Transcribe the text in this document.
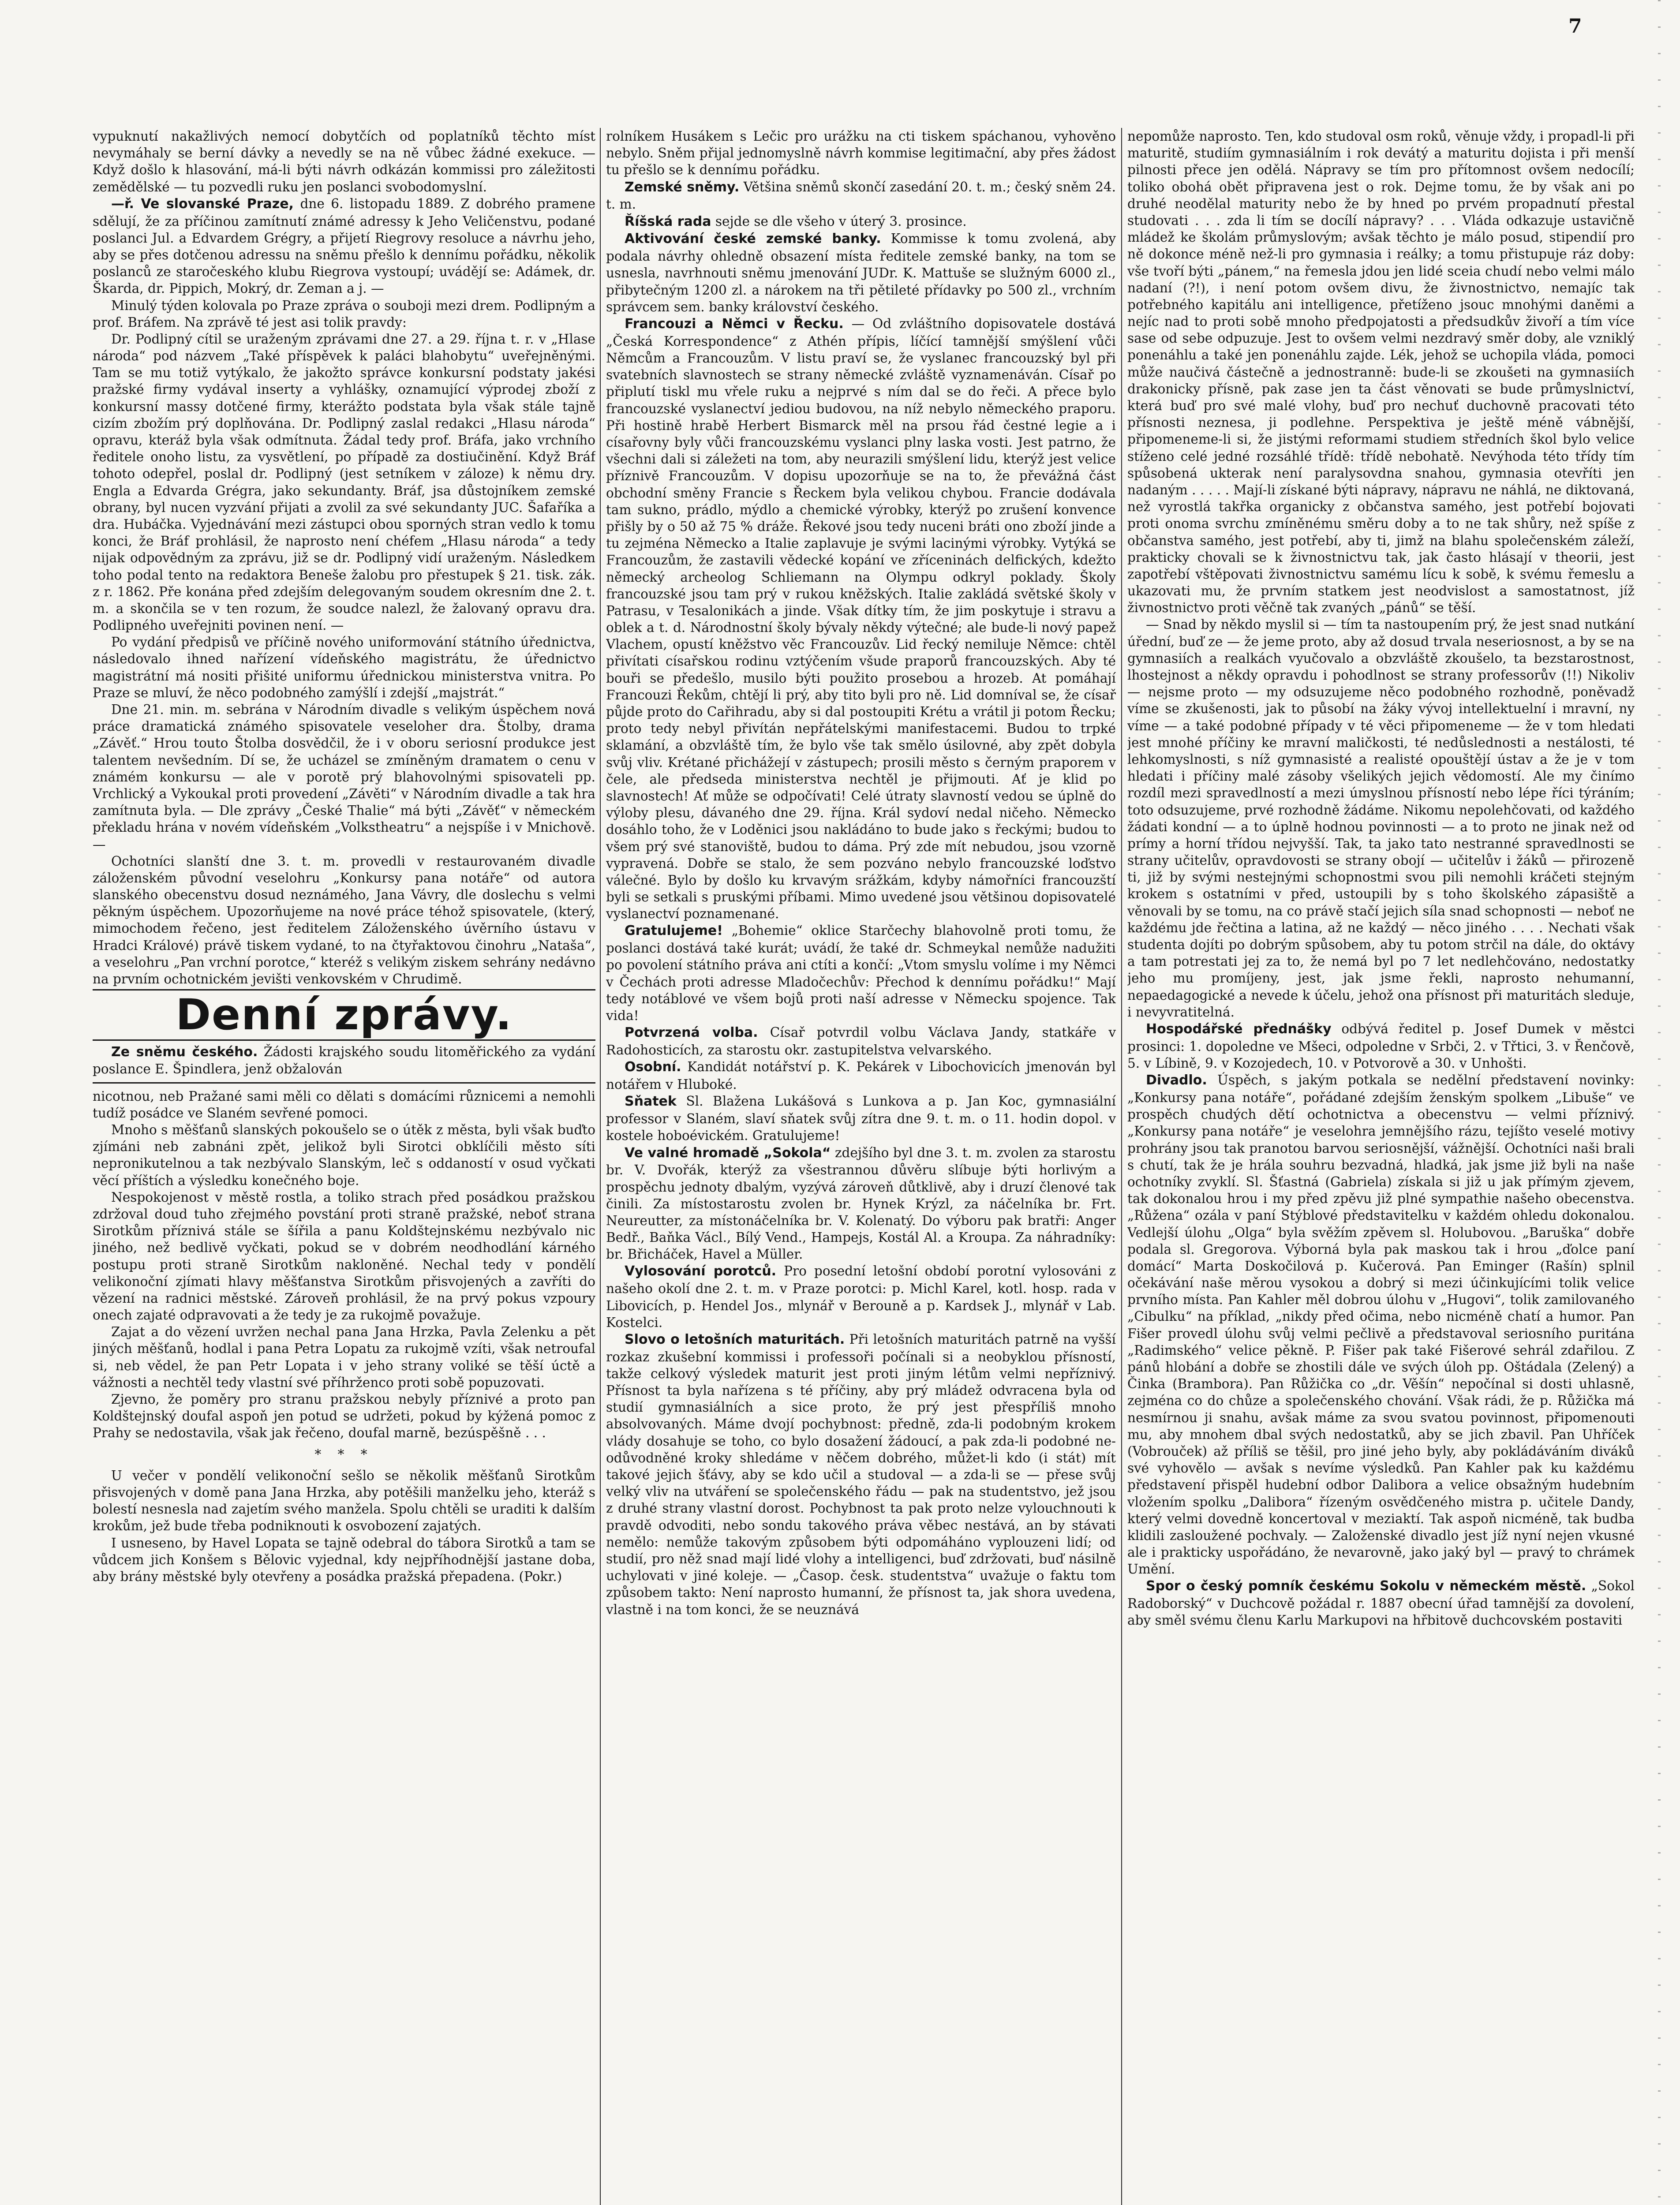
7

vypuknutí nakažlivých nemocí dobytčích od poplatníků těchto míst nevymáhaly se berní dávky a nevedly se na ně vůbec žádné exekuce. — Když došlo k hlasování, má-li býti návrh odkázán kommissi pro záležitosti zemědělské — tu pozvedli ruku jen poslanci svobodomyslní.

—ř. Ve slovanské Praze, dne 6. listopadu 1889. Z dobrého pramene sdělují, že za příčinou zamítnutí známé adressy k Jeho Veličenstvu, podané poslanci Jul. a Edvardem Grégry, a přijetí Riegrovy resoluce a návrhu jeho, aby se přes dotčenou adressu na sněmu přešlo k dennímu pořádku, několik poslanců ze staročeského klubu Riegrova vystoupí; uvádějí se: Adámek, dr. Škarda, dr. Pippich, Mokrý, dr. Zeman a j. —

Minulý týden kolovala po Praze zpráva o souboji mezi drem. Podlipným a prof. Bráfem. Na zprávě té jest asi tolik pravdy:

Dr. Podlipný cítil se uraženým zprávami dne 27. a 29. října t. r. v „Hlase národa“ pod názvem „Také příspěvek k paláci blahobytu“ uveřejněnými. Tam se mu totiž vytýkalo, že jakožto správce konkursní podstaty jakési pražské firmy vydával inserty a vyhlášky, oznamující výprodej zboží z konkursní massy dotčené firmy, kterážto podstata byla však stále tajně cizím zbožím prý doplňována. Dr. Podlipný zaslal redakci „Hlasu národa“ opravu, kteráž byla však odmítnuta. Žádal tedy prof. Bráfa, jako vrchního ředitele onoho listu, za vysvětlení, po případě za dostiučinění. Když Bráf tohoto odepřel, poslal dr. Podlipný (jest setníkem v záloze) k němu dry. Engla a Edvarda Grégra, jako sekundanty. Bráf, jsa důstojníkem zemské obrany, byl nucen vyzvání přijati a zvolil za své sekundanty JUC. Šafaříka a dra. Hubáčka. Vyjednávání mezi zástupci obou sporných stran vedlo k tomu konci, že Bráf prohlásil, že naprosto není chéfem „Hlasu národa“ a tedy nijak odpovědným za zprávu, již se dr. Podlipný vidí uraženým. Následkem toho podal tento na redaktora Beneše žalobu pro přestupek § 21. tisk. zák. z r. 1862. Pře konána před zdejším delegovaným soudem okresním dne 2. t. m. a skončila se v ten rozum, že soudce nalezl, že žalovaný opravu dra. Podlipného uveřejniti povinen není. —

Po vydání předpisů ve příčině nového uniformování státního úřednictva, následovalo ihned nařízení vídeňského magistrátu, že úřednictvo magistrátní má nositi přišité uniformu úřednickou ministerstva vnitra. Po Praze se mluví, že něco podobného zamýšlí i zdejší „majstrát.“

Dne 21. min. m. sebrána v Národním divadle s velikým úspěchem nová práce dramatická známého spisovatele veseloher dra. Štolby, drama „Závěť.“ Hrou touto Štolba dosvědčil, že i v oboru seriosní produkce jest talentem nevšedním. Dí se, že ucházel se zmíněným dramatem o cenu v známém konkursu — ale v porotě prý blahovolnými spisovateli pp. Vrchlický a Vykoukal proti provedení „Závěti“ v Národním divadle a tak hra zamítnuta byla. — Dle zprávy „České Thalie“ má býti „Závěť“ v německém překladu hrána v novém vídeňském „Volkstheatru“ a nejspíše i v Mnichově. —

Ochotníci slanští dne 3. t. m. provedli v restaurovaném divadle záloženském původní veselohru „Konkursy pana notáře“ od autora slanského obecenstvu dosud neznámého, Jana Vávry, dle doslechu s velmi pěkným úspěchem. Upozorňujeme na nové práce téhož spisovatele, (který, mimochodem řečeno, jest ředitelem Záloženského úvěrního ústavu v Hradci Králové) právě tiskem vydané, to na čtyřaktovou činohru „Nataša“, a veselohru „Pan vrchní porotce,“ kteréž s velikým ziskem sehrány nedávno na prvním ochotnickém jevišti venkovském v Chrudimě.

Denní zprávy.

Ze sněmu českého. Žádosti krajského soudu litoměřického za vydání poslance E. Špindlera, jenž obžalován

nicotnou, neb Pražané sami měli co dělati s domácími různicemi a nemohli tudíž posádce ve Slaném sevřené pomoci.

Mnoho s měšťanů slanských pokoušelo se o útěk z města, byli však buďto zjímáni neb zabnáni zpět, jelikož byli Sirotci obklíčili město síti nepronikutelnou a tak nezbývalo Slanským, leč s oddaností v osud vyčkati věcí příštích a výsledku konečného boje.

Nespokojenost v městě rostla, a toliko strach před posádkou pražskou zdržoval doud tuho zřejmého povstání proti straně pražské, neboť strana Sirotkům příznivá stále se šířila a panu Koldštejnskému nezbývalo nic jiného, než bedlivě vyčkati, pokud se v dobrém neodhodlání kárného postupu proti straně Sirotkům nakloněné. Nechal tedy v pondělí velikonoční zjímati hlavy měšťanstva Sirotkům přisvojených a zavříti do vězení na radnici městské. Zároveň prohlásil, že na prvý pokus vzpoury onech zajaté odpravovati a že tedy je za rukojmě považuje.

Zajat a do vězení uvržen nechal pana Jana Hrzka, Pavla Zelenku a pět jiných měšťanů, hodlal i pana Petra Lopatu za rukojmě vzíti, však netroufal si, neb vědel, že pan Petr Lopata i v jeho strany voliké se těší úctě a vážnosti a nechtěl tedy vlastní své příhrženco proti sobě popuzovati.

Zjevno, že poměry pro stranu pražskou nebyly příznivé a proto pan Koldštejnský doufal aspoň jen potud se udržeti, pokud by kýžená pomoc z Prahy se nedostavila, však jak řečeno, doufal marně, bezúspěšně . . .

* * *

U večer v pondělí velikonoční sešlo se několik měšťanů Sirotkům přisvojených v domě pana Jana Hrzka, aby potěšili manželku jeho, kteráž s bolestí nesnesla nad zajetím svého manžela. Spolu chtěli se uraditi k dalším krokům, jež bude třeba podniknouti k osvobození zajatých.

I usneseno, by Havel Lopata se tajně odebral do tábora Sirotků a tam se vůdcem jich Konšem s Bělovic vyjednal, kdy nejpříhodnější jastane doba, aby brány městské byly otevřeny a posádka pražská přepadena. (Pokr.)

rolníkem Husákem s Lečic pro urážku na cti tiskem spáchanou, vyhověno nebylo. Sněm přijal jednomyslně návrh kommise legitimační, aby přes žádost tu přešlo se k dennímu pořádku.

Zemské sněmy. Většina sněmů skončí zasedání 20. t. m.; český sněm 24. t. m.

Říšská rada sejde se dle všeho v úterý 3. prosince.

Aktivování české zemské banky. Kommisse k tomu zvolená, aby podala návrhy ohledně obsazení místa ředitele zemské banky, na tom se usnesla, navrhnouti sněmu jmenování JUDr. K. Mattuše se služným 6000 zl., přibytečným 1200 zl. a nárokem na tři pětileté přídavky po 500 zl., vrchním správcem sem. banky království českého.

Francouzi a Němci v Řecku. — Od zvláštního dopisovatele dostává „Česká Korrespondence“ z Athén přípis, líčící tamnější smýšlení vůči Němcům a Francouzům. V listu praví se, že vyslanec francouzský byl při svatebních slavnostech se strany německé zvláště vyznamenáván. Císař po připlutí tiskl mu vřele ruku a nejprvé s ním dal se do řeči. A přece bylo francouzské vyslanectví jediou budovou, na níž nebylo německého praporu. Při hostině hrabě Herbert Bismarck měl na prsou řád čestné legie a i císařovny byly vůči francouzskému vyslanci plny laska vosti. Jest patrno, že všechni dali si záležeti na tom, aby neurazili smýšlení lidu, kterýž jest velice příznivě Francouzům. V dopisu upozorňuje se na to, že převážná část obchodní směny Francie s Řeckem byla velikou chybou. Francie dodávala tam sukno, prádlo, mýdlo a chemické výrobky, kterýž po zrušení konvence přišly by o 50 až 75 % dráže. Řekové jsou tedy nuceni bráti ono zboží jinde a tu zejména Německo a Italie zaplavuje je svými lacinými výrobky. Vytýká se Francouzům, že zastavili vědecké kopání ve zříceninách delfických, kdežto německý archeolog Schliemann na Olympu odkryl poklady. Školy francouzské jsou tam prý v rukou kněžských. Italie zakládá světské školy v Patrasu, v Tesalonikách a jinde. Však dítky tím, že jim poskytuje i stravu a oblek a t. d. Národnostní školy bývaly někdy výtečné; ale bude-li nový papež Vlachem, opustí kněžstvo věc Francouzův. Lid řecký nemiluje Němce: chtěl přivítati císařskou rodinu vztýčením všude praporů francouzských. Aby té bouři se předešlo, musilo býti použito prosebou a hrozeb. At pomáhají Francouzi Řekům, chtějí li prý, aby tito byli pro ně. Lid domníval se, že císař půjde proto do Cařihradu, aby si dal postoupiti Krétu a vrátil ji potom Řecku; proto tedy nebyl přivítán nepřátelskými manifestacemi. Budou to trpké sklamání, a obzvláště tím, že bylo vše tak smělo úsilovné, aby zpět dobyla svůj vliv. Krétané přichážejí v zástupech; prosili město s černým praporem v čele, ale předseda ministerstva nechtěl je přijmouti. Ať je klid po slavnostech! Ať může se odpočívati! Celé útraty slavností vedou se úplně do výloby plesu, dávaného dne 29. října. Král sydoví nedal ničeho. Německo dosáhlo toho, že v Loděnici jsou nakládáno to bude jako s řeckými; budou to všem prý své stanoviště, budou to dáma. Prý zde mít nebudou, jsou vzorně vypravená. Dobře se stalo, že sem pozváno nebylo francouzské loďstvo válečné. Bylo by došlo ku krvavým srážkám, kdyby námořníci francouzští byli se setkali s pruskými příbami. Mimo uvedené jsou většinou dopisovatelé vyslanectví poznamenané.

Gratulujeme! „Bohemie“ oklice Starčechy blahovolně proti tomu, že poslanci dostává také kurát; uvádí, že také dr. Schmeykal nemůže nadužiti po povolení státního práva ani ctíti a končí: „Vtom smyslu volíme i my Němci v Čechách proti adresse Mladočechův: Přechod k dennímu pořádku!“ Mají tedy notáblové ve všem bojů proti naší adresse v Německu spojence. Tak vida!

Potvrzená volba. Císař potvrdil volbu Václava Jandy, statkáře v Radohosticích, za starostu okr. zastupitelstva velvarského.

Osobní. Kandidát notářství p. K. Pekárek v Libochovicích jmenován byl notářem v Hluboké.

Sňatek Sl. Blažena Lukášová s Lunkova a p. Jan Koc, gymnasiální professor v Slaném, slaví sňatek svůj zítra dne 9. t. m. o 11. hodin dopol. v kostele hoboévickém. Gratulujeme!

Ve valné hromadě „Sokola“ zdejšího byl dne 3. t. m. zvolen za starostu br. V. Dvořák, kterýž za všestrannou důvěru slíbuje býti horlivým a prospěchu jednoty dbalým, vyzývá zároveň důtklivě, aby i druzí členové tak činili. Za místostarostu zvolen br. Hynek Krýzl, za náčelníka br. Frt. Neureutter, za místonáčelníka br. V. Kolenatý. Do výboru pak bratři: Anger Bedř., Baňka Václ., Bílý Vend., Hampejs, Kostál Al. a Kroupa. Za náhradníky: br. Břicháček, Havel a Müller.

Vylosování porotců. Pro posední letošní období porotní vylosováni z našeho okolí dne 2. t. m. v Praze porotci: p. Michl Karel, kotl. hosp. rada v Libovicích, p. Hendel Jos., mlynář v Berouně a p. Kardsek J., mlynář v Lab. Kostelci.

Slovo o letošních maturitách. Při letošních maturitách patrně na vyšší rozkaz zkušební kommissi i professoři počínali si a neobyklou přísností, takže celkový výsledek maturit jest proti jiným létům velmi nepříznivý. Přísnost ta byla nařízena s té příčiny, aby prý mládež odvracena byla od studií gymnasiálních a sice proto, že prý jest přespříliš mnoho absolvovaných. Máme dvojí pochybnost: předně, zda-li podobným krokem vlády dosahuje se toho, co bylo dosažení žádoucí, a pak zda-li podobné ne-odůvodněné kroky shledáme v něčem dobrého, můžet-li kdo (i stát) mít takové jejich šťávy, aby se kdo učil a studoval — a zda-li se — přese svůj velký vliv na utváření se společenského řádu — pak na studentstvo, jež jsou z druhé strany vlastní dorost. Pochybnost ta pak proto nelze vylouchnouti k pravdě odvoditi, nebo sondu takového práva věbec nestává, an by stávati nemělo: nemůže takovým způsobem býti odpomáháno vyplouzeni lidí; od studií, pro něž snad mají lidé vlohy a intelligenci, buď zdržovati, buď násilně uchylovati v jiné koleje. — „Časop. česk. studentstva“ uvažuje o faktu tom způsobem takto: Není naprosto humanní, že přísnost ta, jak shora uvedena, vlastně i na tom konci, že se neuznává

nepomůže naprosto. Ten, kdo studoval osm roků, věnuje vždy, i propadl-li při maturitě, studiím gymnasiálním i rok devátý a maturitu dojista i při menší pilnosti přece jen odělá. Nápravy se tím pro přítomnost ovšem nedocílí; toliko obohá obět připravena jest o rok. Dejme tomu, že by však ani po druhé neodělal maturity nebo že by hned po prvém propadnutí přestal studovati . . . zda li tím se docílí nápravy? . . . Vláda odkazuje ustavičně mládež ke školám průmyslovým; avšak těchto je málo posud, stipendií pro ně dokonce méně než-li pro gymnasia i reálky; a tomu přistupuje ráz doby: vše tvoří býti „pánem,“ na řemesla jdou jen lidé sceia chudí nebo velmi málo nadaní (?!), i není potom ovšem divu, že živnostnictvo, nemajíc tak potřebného kapitálu ani intelligence, přetíženo jsouc mnohými daněmi a nejíc nad to proti sobě mnoho předpojatosti a předsudkův živoří a tím více sase od sebe odpuzuje. Jest to ovšem velmi nezdravý směr doby, ale vzniklý ponenáhlu a také jen ponenáhlu zajde. Lék, jehož se uchopila vláda, pomoci může naučivá částečně a jednostranně: bude-li se zkoušeti na gymnasiích drakonicky přísně, pak zase jen ta část věnovati se bude průmyslnictví, která buď pro své malé vlohy, buď pro nechuť duchovně pracovati této přísnosti neznesa, ji podlehne. Perspektiva je ještě méně vábnější, připomeneme-li si, že jistými reformami studiem středních škol bylo velice stíženo celé jedné rozsáhlé třídě: třídě nebohatě. Nevýhoda této třídy tím spůsobená ukterak není paralysovdna snahou, gymnasia otevříti jen nadaným . . . . . Mají-li získané býti nápravy, nápravu ne náhlá, ne diktovaná, než vyrostlá takřka organicky z občanstva samého, jest potřebí bojovati proti onoma svrchu zmíněnému směru doby a to ne tak shůry, než spíše z občanstva samého, jest potřebí, aby ti, jimž na blahu společenském záleží, prakticky chovali se k živnostnictvu tak, jak často hlásají v theorii, jest zapotřebí vštěpovati živnostnictvu samému lícu k sobě, k svému řemeslu a ukazovati mu, že prvním statkem jest neodvislost a samostatnost, jíž živnostnictvo proti věčně tak zvaných „pánů“ se těší.

— Snad by někdo myslil si — tím ta nastoupením prý, že jest snad nutkání úřední, buď ze — že jeme proto, aby až dosud trvala neseriosnost, a by se na gymnasiích a realkách vyučovalo a obzvláště zkoušelo, ta bezstarostnost, lhostejnost a někdy opravdu i pohodlnost se strany professorův (!!) Nikoliv — nejsme proto — my odsuzujeme něco podobného rozhodně, poněvadž víme se zkušenosti, jak to působí na žáky vývoj intellektuelní i mravní, ny víme — a také podobné případy v té věci připomeneme — že v tom hledati jest mnohé příčiny ke mravní maličkosti, té nedůslednosti a nestálosti, té lehkomyslnosti, s níž gymnasisté a realisté opouštějí ústav a že je v tom hledati i příčiny malé zásoby všelikých jejich vědomostí. Ale my činímo rozdíl mezi spravedlností a mezi úmyslnou přísností nebo lépe říci týráním; toto odsuzujeme, prvé rozhodně žádáme. Nikomu nepolehčovati, od každého žádati kondní — a to úplně hodnou povinnosti — a to proto ne jinak než od prímy a horní třídou nejvyšší. Tak, ta jako tato nestranné spravedlnosti se strany učitelův, opravdovosti se strany obojí — učitelův i žáků — přirozeně ti, již by svými nestejnými schopnostmi svou pili nemohli kráčeti stejným krokem s ostatními v před, ustoupili by s toho školského zápasiště a věnovali by se tomu, na co právě stačí jejich síla snad schopnosti — neboť ne každému jde řečtina a latina, až ne každý — něco jiného . . . . Nechati však studenta dojíti po dobrým spůsobem, aby tu potom strčil na dále, do oktávy a tam potrestati jej za to, že nemá byl po 7 let nedlehčováno, nedostatky jeho mu promíjeny, jest, jak jsme řekli, naprosto nehumanní, nepaedagogické a nevede k účelu, jehož ona přísnost při maturitách sleduje, i nevyvratitelná.

Hospodářské přednášky odbývá ředitel p. Josef Dumek v městci prosinci: 1. dopoledne ve Mšeci, odpoledne v Srbči, 2. v Třtici, 3. v Řenčově, 5. v Líbině, 9. v Kozojedech, 10. v Potvorově a 30. v Unhošti.

Divadlo. Úspěch, s jakým potkala se nedělní představení novinky: „Konkursy pana notáře“, pořádané zdejším ženským spolkem „Libuše“ ve prospěch chudých dětí ochotnictva a obecenstvu — velmi příznivý. „Konkursy pana notáře“ je veselohra jemnějšího rázu, tejíšto veselé motivy prohrány jsou tak pranotou barvou seriosnější, vážnější. Ochotníci naši brali s chutí, tak že je hrála souhru bezvadná, hladká, jak jsme již byli na naše ochotníky zvyklí. Sl. Šťastná (Gabriela) získala si již u jak přímým zjevem, tak dokonalou hrou i my před zpěvu již plné sympathie našeho obecenstva. „Růžena“ ozála v paní Stýblové představitelku v každém ohledu dokonalou. Vedlejší úlohu „Olga“ byla svěžím zpěvem sl. Holubovou. „Baruška“ dobře podala sl. Gregorova. Výborná byla pak maskou tak i hrou „ďolce paní domácí“ Marta Doskočilová p. Kučerová. Pan Eminger (Rašín) splnil očekávání naše měrou vysokou a dobrý si mezi účinkujícími tolik velice prvního místa. Pan Kahler měl dobrou úlohu v „Hugovi“, tolik zamilovaného „Cibulku“ na příklad, „nikdy před očima, nebo nicméně chatí a humor. Pan Fišer provedl úlohu svůj velmi pečlivě a představoval seriosního puritána „Radimského“ velice pěkně. P. Fišer pak také Fišerové sehrál zdařilou. Z pánů hlobání a dobře se zhostili dále ve svých úloh pp. Oštádala (Zelený) a Činka (Brambora). Pan Růžička co „dr. Věšín“ nepočínal si dosti uhlasně, zejména co do chůze a společenského chování. Však rádi, že p. Růžička má nesmírnou ji snahu, avšak máme za svou svatou povinnost, připomenouti mu, aby mnohem dbal svých nedostatků, aby se jich zbavil. Pan Uhříček (Vobrouček) až příliš se těšil, pro jiné jeho byly, aby pokládáváním diváků své vyhovělo — avšak s nevíme výsledků. Pan Kahler pak ku každému představení přispěl hudební odbor Dalibora a velice obsažným hudebním vložením spolku „Dalibora“ řízeným osvědčeného mistra p. učitele Dandy, který velmi dovedně koncertoval v meziaktí. Tak aspoň nicméně, tak budba klidili zasloužené pochvaly. — Založenské divadlo jest jíž nyní nejen vkusné ale i prakticky uspořádáno, že nevarovně, jako jaký byl — pravý to chrámek Umění.

Spor o český pomník českému Sokolu v německém městě. „Sokol Radoborský“ v Duchcově požádal r. 1887 obecní úřad tamnější za dovolení, aby směl svému členu Karlu Markupovi na hřbitově duchcovském postaviti
